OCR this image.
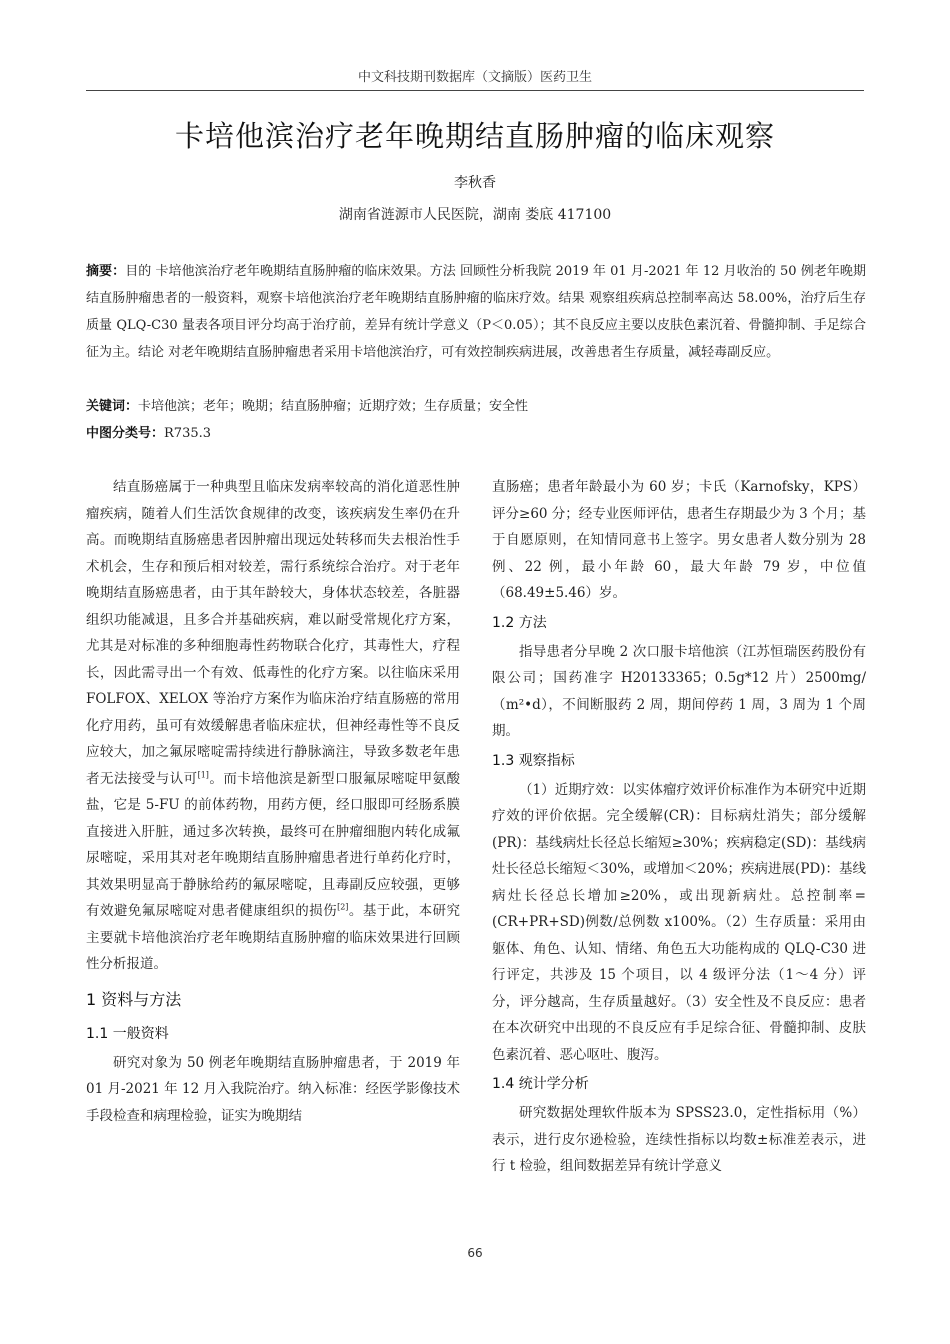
中文科技期刊数据库（文摘版）医药卫生
卡培他滨治疗老年晚期结直肠肿瘤的临床观察
李秋香
湖南省涟源市人民医院，湖南 娄底 417100
摘要：目的 卡培他滨治疗老年晚期结直肠肿瘤的临床效果。方法 回顾性分析我院 2019 年 01 月-2021 年 12 月收治的 50 例老年晚期结直肠肿瘤患者的一般资料，观察卡培他滨治疗老年晚期结直肠肿瘤的临床疗效。结果 观察组疾病总控制率高达 58.00%，治疗后生存质量 QLQ-C30 量表各项目评分均高于治疗前，差异有统计学意义（P＜0.05）；其不良反应主要以皮肤色素沉着、骨髓抑制、手足综合征为主。结论 对老年晚期结直肠肿瘤患者采用卡培他滨治疗，可有效控制疾病进展，改善患者生存质量，减轻毒副反应。
关键词：卡培他滨；老年；晚期；结直肠肿瘤；近期疗效；生存质量；安全性
中图分类号：R735.3

结直肠癌属于一种典型且临床发病率较高的消化道恶性肿瘤疾病，随着人们生活饮食规律的改变，该疾病发生率仍在升高。而晚期结直肠癌患者因肿瘤出现远处转移而失去根治性手术机会，生存和预后相对较差，需行系统综合治疗。对于老年晚期结直肠癌患者，由于其年龄较大，身体状态较差，各脏器组织功能减退，且多合并基础疾病，难以耐受常规化疗方案，尤其是对标准的多种细胞毒性药物联合化疗，其毒性大，疗程长，因此需寻出一个有效、低毒性的化疗方案。以往临床采用 FOLFOX、XELOX 等治疗方案作为临床治疗结直肠癌的常用化疗用药，虽可有效缓解患者临床症状，但神经毒性等不良反应较大，加之氟尿嘧啶需持续进行静脉滴注，导致多数老年患者无法接受与认可[1]。而卡培他滨是新型口服氟尿嘧啶甲氨酸盐，它是 5-FU 的前体药物，用药方便，经口服即可经肠系膜直接进入肝脏，通过多次转换，最终可在肿瘤细胞内转化成氟尿嘧啶，采用其对老年晚期结直肠肿瘤患者进行单药化疗时，其效果明显高于静脉给药的氟尿嘧啶，且毒副反应较强，更够有效避免氟尿嘧啶对患者健康组织的损伤[2]。基于此，本研究主要就卡培他滨治疗老年晚期结直肠肿瘤的临床效果进行回顾性分析报道。

1 资料与方法

1.1 一般资料

研究对象为 50 例老年晚期结直肠肿瘤患者，于 2019 年 01 月-2021 年 12 月入我院治疗。纳入标准：经医学影像技术手段检查和病理检验，证实为晚期结

直肠癌；患者年龄最小为 60 岁；卡氏（Karnofsky，KPS）评分≥60 分；经专业医师评估，患者生存期最少为 3 个月；基于自愿原则，在知情同意书上签字。男女患者人数分别为 28 例、22 例，最小年龄 60，最大年龄 79 岁，中位值（68.49±5.46）岁。

1.2 方法

指导患者分早晚 2 次口服卡培他滨（江苏恒瑞医药股份有限公司；国药准字 H20133365；0.5g*12 片）2500mg/（m²•d），不间断服药 2 周，期间停药 1 周，3 周为 1 个周期。

1.3 观察指标

（1）近期疗效：以实体瘤疗效评价标准作为本研究中近期疗效的评价依据。完全缓解(CR)：目标病灶消失；部分缓解(PR)：基线病灶长径总长缩短≥30%；疾病稳定(SD)：基线病灶长径总长缩短＜30%，或增加＜20%；疾病进展(PD)：基线病灶长径总长增加≥20%，或出现新病灶。总控制率=(CR+PR+SD)例数/总例数 x100%。（2）生存质量：采用由躯体、角色、认知、情绪、角色五大功能构成的 QLQ-C30 进行评定，共涉及 15 个项目，以 4 级评分法（1～4 分）评分，评分越高，生存质量越好。（3）安全性及不良反应：患者在本次研究中出现的不良反应有手足综合征、骨髓抑制、皮肤色素沉着、恶心呕吐、腹泻。

1.4 统计学分析

研究数据处理软件版本为 SPSS23.0，定性指标用（%）表示，进行皮尔逊检验，连续性指标以均数±标准差表示，进行 t 检验，组间数据差异有统计学意义

66
